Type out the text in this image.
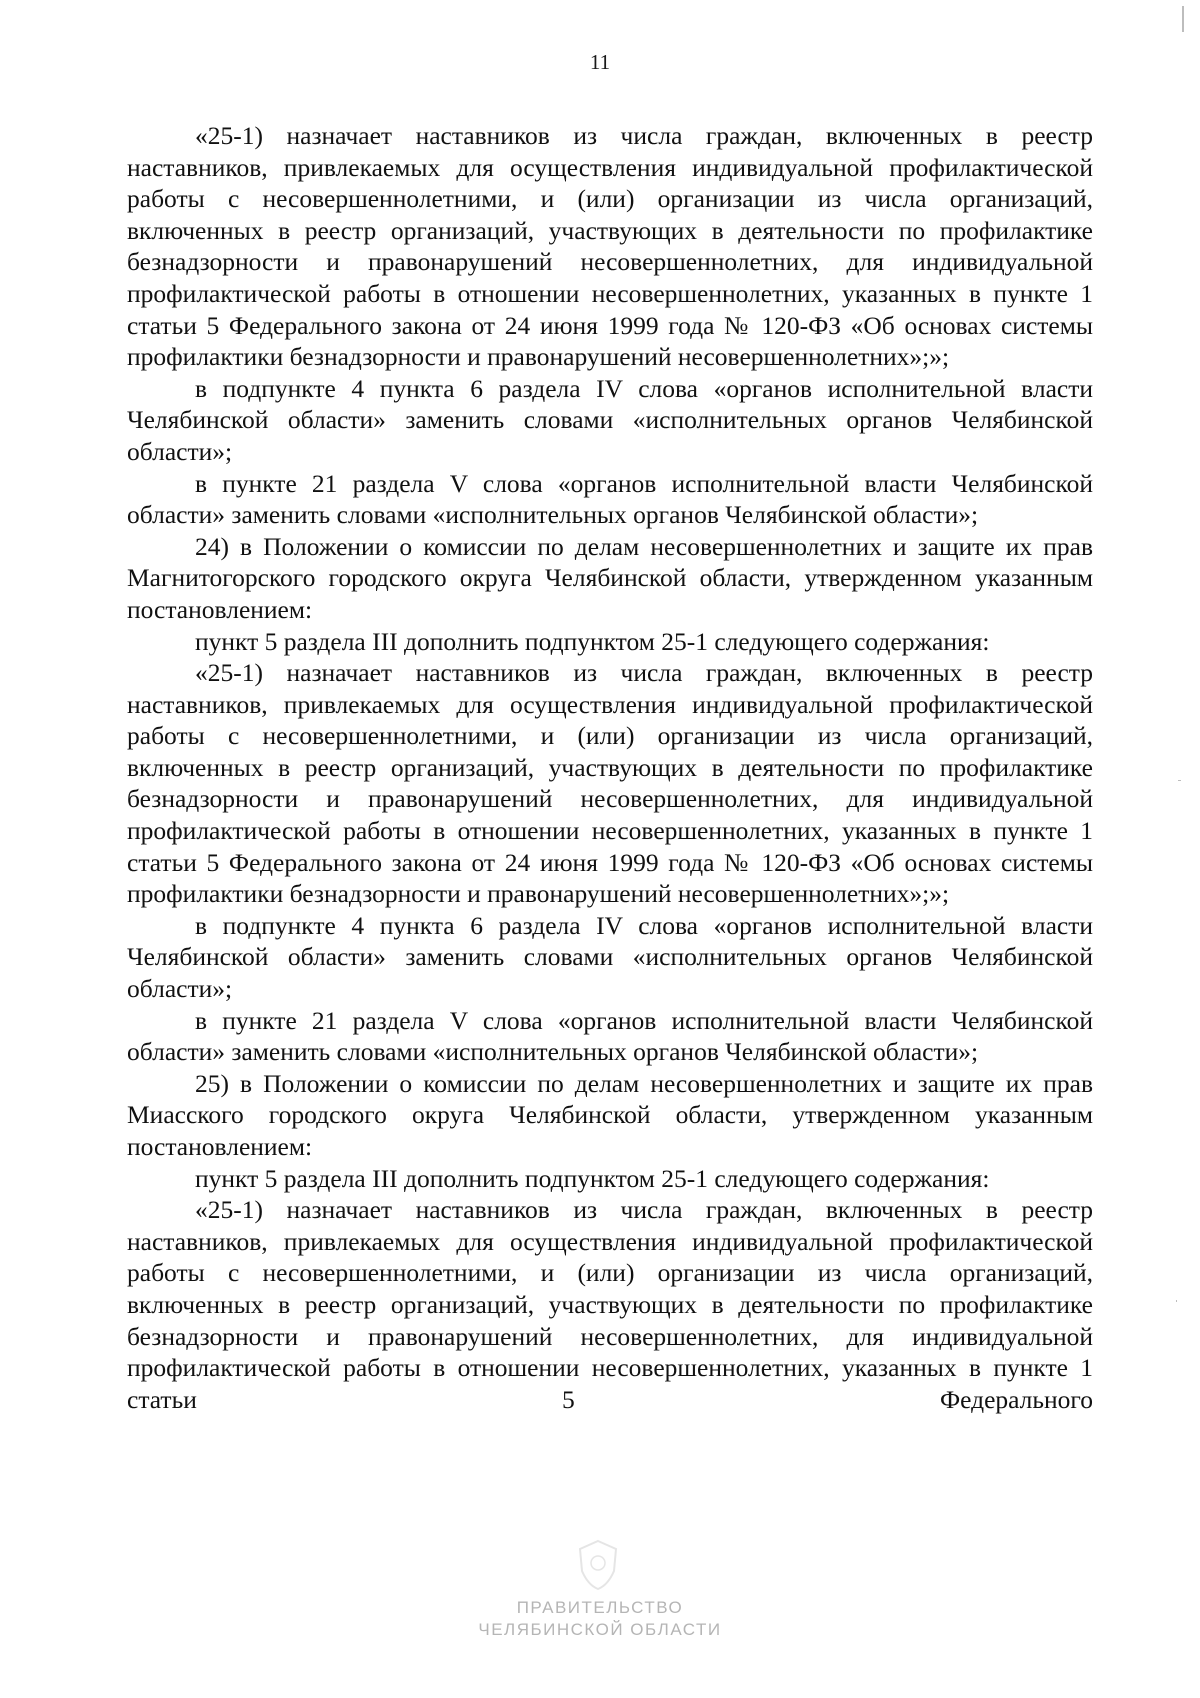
11

«25-1) назначает наставников из числа граждан, включенных в реестр наставников, привлекаемых для осуществления индивидуальной профилактической работы с несовершеннолетними, и (или) организации из числа организаций, включенных в реестр организаций, участвующих в деятельности по профилактике безнадзорности и правонарушений несовершеннолетних, для индивидуальной профилактической работы в отношении несовершеннолетних, указанных в пункте 1 статьи 5 Федерального закона от 24 июня 1999 года № 120-ФЗ «Об основах системы профилактики безнадзорности и правонарушений несовершеннолетних»;»;

в подпункте 4 пункта 6 раздела IV слова «органов исполнительной власти Челябинской области» заменить словами «исполнительных органов Челябинской области»;

в пункте 21 раздела V слова «органов исполнительной власти Челябинской области» заменить словами «исполнительных органов Челябинской области»;

24) в Положении о комиссии по делам несовершеннолетних и защите их прав Магнитогорского городского округа Челябинской области, утвержденном указанным постановлением:

пункт 5 раздела III дополнить подпунктом 25-1 следующего содержания:

«25-1) назначает наставников из числа граждан, включенных в реестр наставников, привлекаемых для осуществления индивидуальной профилактической работы с несовершеннолетними, и (или) организации из числа организаций, включенных в реестр организаций, участвующих в деятельности по профилактике безнадзорности и правонарушений несовершеннолетних, для индивидуальной профилактической работы в отношении несовершеннолетних, указанных в пункте 1 статьи 5 Федерального закона от 24 июня 1999 года № 120-ФЗ «Об основах системы профилактики безнадзорности и правонарушений несовершеннолетних»;»;

в подпункте 4 пункта 6 раздела IV слова «органов исполнительной власти Челябинской области» заменить словами «исполнительных органов Челябинской области»;

в пункте 21 раздела V слова «органов исполнительной власти Челябинской области» заменить словами «исполнительных органов Челябинской области»;

25) в Положении о комиссии по делам несовершеннолетних и защите их прав Миасского городского округа Челябинской области, утвержденном указанным постановлением:

пункт 5 раздела III дополнить подпунктом 25-1 следующего содержания:

«25-1) назначает наставников из числа граждан, включенных в реестр наставников, привлекаемых для осуществления индивидуальной профилактической работы с несовершеннолетними, и (или) организации из числа организаций, включенных в реестр организаций, участвующих в деятельности по профилактике безнадзорности и правонарушений несовершеннолетних, для индивидуальной профилактической работы в отношении несовершеннолетних, указанных в пункте 1 статьи 5 Федерального

ПРАВИТЕЛЬСТВО
ЧЕЛЯБИНСКОЙ ОБЛАСТИ
